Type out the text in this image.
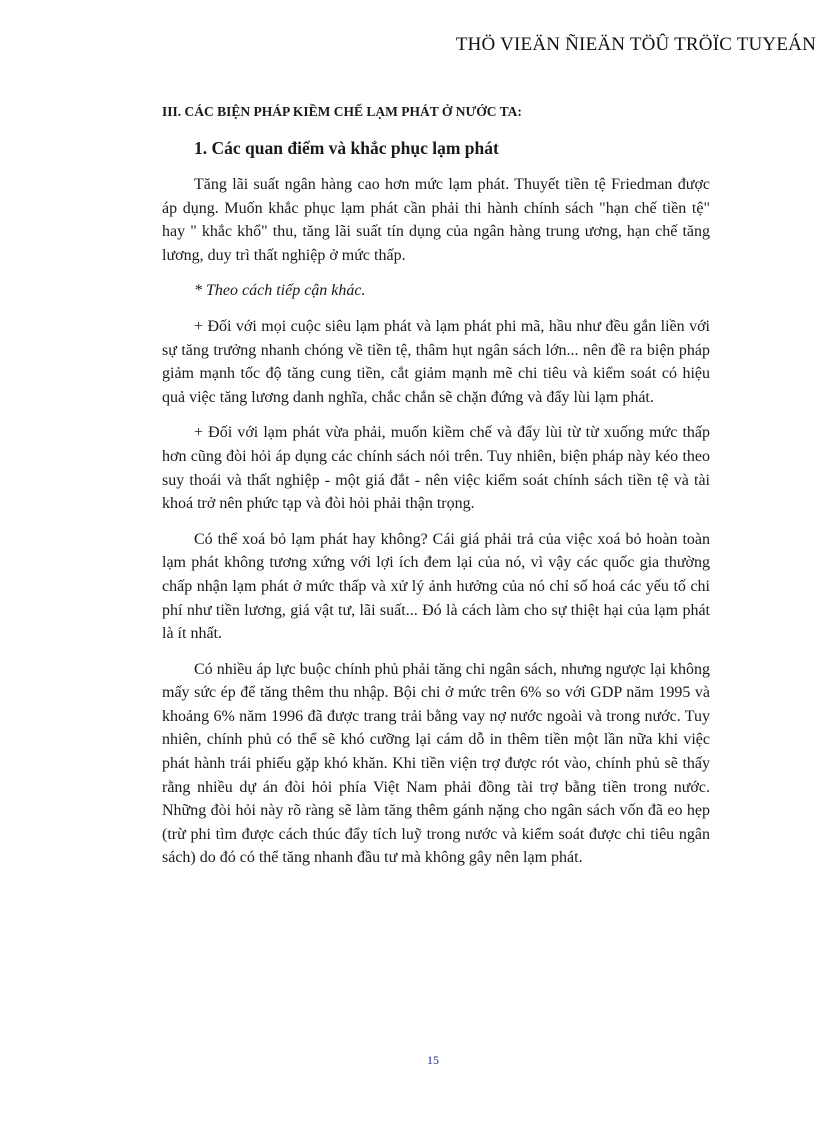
THÖ VIEÄN ÑIEÄN TÖÛ TRÖÏC TUYEÁN
III. CÁC BIỆN PHÁP KIỀM CHẾ LẠM PHÁT Ở NƯỚC TA:
1. Các quan điểm và khắc phục lạm phát

Tăng lãi suất ngân hàng cao hơn mức lạm phát. Thuyết tiền tệ Friedman được áp dụng. Muốn khắc phục lạm phát cần phải thi hành chính sách "hạn chế tiền tệ" hay " khắc khổ" thu, tăng lãi suất tín dụng của ngân hàng trung ương, hạn chế tăng lương, duy trì thất nghiệp ở mức thấp.

* Theo cách tiếp cận khác.

+ Đối với mọi cuộc siêu lạm phát và lạm phát phi mã, hầu như đều gắn liền với sự tăng trưởng nhanh chóng về tiền tệ, thâm hụt ngân sách lớn... nên đề ra biện pháp giảm mạnh tốc độ tăng cung tiền, cắt giảm mạnh mẽ chi tiêu và kiểm soát có hiệu quả việc tăng lương danh nghĩa, chắc chắn sẽ chặn đứng và đẩy lùi lạm phát.

+ Đối với lạm phát vừa phải, muốn kiềm chế và đẩy lùi từ từ xuống mức thấp hơn cũng đòi hỏi áp dụng các chính sách nói trên. Tuy nhiên, biện pháp này kéo theo suy thoái và thất nghiệp - một giá đắt - nên việc kiểm soát chính sách tiền tệ và tài khoá trở nên phức tạp và đòi hỏi phải thận trọng.

Có thể xoá bỏ lạm phát hay không? Cái giá phải trả của việc xoá bỏ hoàn toàn lạm phát không tương xứng với lợi ích đem lại của nó, vì vậy các quốc gia thường chấp nhận lạm phát ở mức thấp và xử lý ảnh hưởng của nó chỉ số hoá các yếu tố chi phí như tiền lương, giá vật tư, lãi suất... Đó là cách làm cho sự thiệt hại của lạm phát là ít nhất.

Có nhiều áp lực buộc chính phủ phải tăng chi ngân sách, nhưng ngược lại không mấy sức ép để tăng thêm thu nhập. Bội chi ở mức trên 6% so với GDP năm 1995 và khoảng 6% năm 1996 đã được trang trải bằng vay nợ nước ngoài và trong nước. Tuy nhiên, chính phủ có thể sẽ khó cưỡng lại cám dỗ in thêm tiền một lần nữa khi việc phát hành trái phiếu gặp khó khăn. Khi tiền viện trợ được rót vào, chính phủ sẽ thấy rằng nhiều dự án đòi hỏi phía Việt Nam phải đồng tài trợ bằng tiền trong nước. Những đòi hỏi này rõ ràng sẽ làm tăng thêm gánh nặng cho ngân sách vốn đã eo hẹp (trừ phi tìm được cách thúc đẩy tích luỹ trong nước và kiểm soát được chi tiêu ngân sách) do đó có thể tăng nhanh đầu tư mà không gây nên lạm phát.

15
